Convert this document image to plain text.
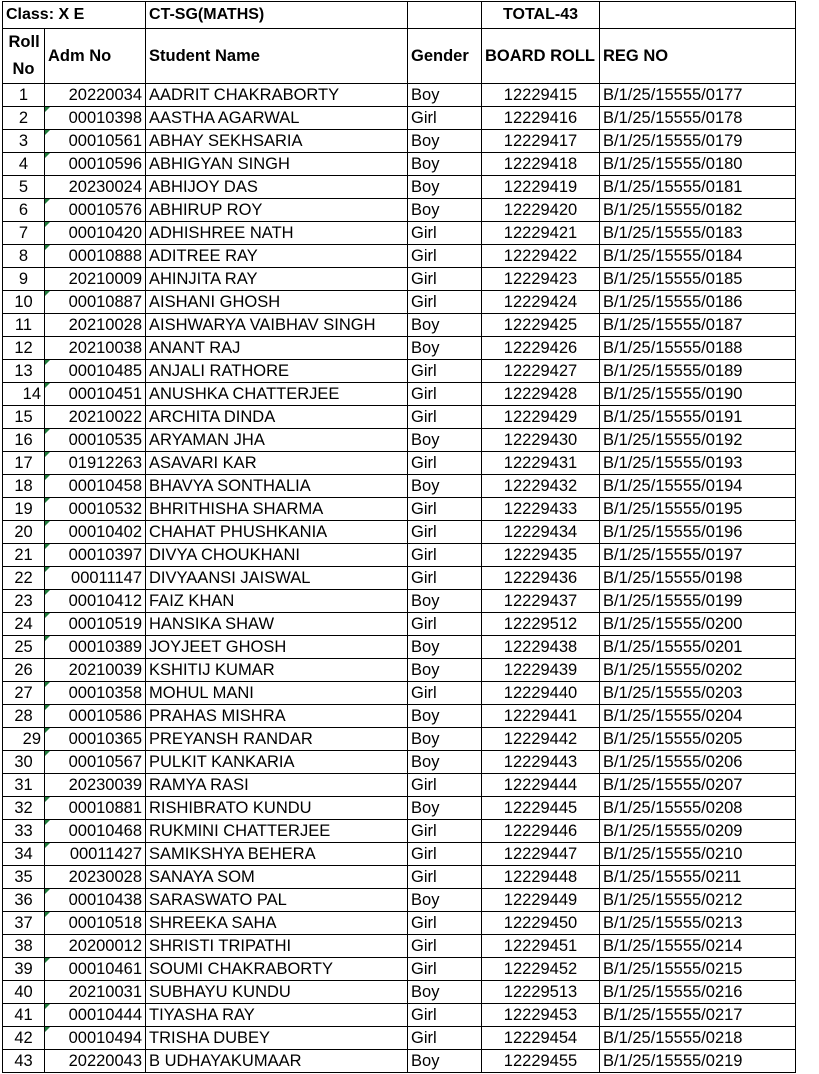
Class: X E		CT-SG(MATHS)		TOTAL-43	
Roll No	Adm No	Student Name	Gender	BOARD ROLL	REG NO
1	20220034	AADRIT CHAKRABORTY	Boy	12229415	B/1/25/15555/0177
2	00010398	AASTHA AGARWAL	Girl	12229416	B/1/25/15555/0178
3	00010561	ABHAY SEKHSARIA	Boy	12229417	B/1/25/15555/0179
4	00010596	ABHIGYAN SINGH	Boy	12229418	B/1/25/15555/0180
5	20230024	ABHIJOY DAS	Boy	12229419	B/1/25/15555/0181
6	00010576	ABHIRUP ROY	Boy	12229420	B/1/25/15555/0182
7	00010420	ADHISHREE NATH	Girl	12229421	B/1/25/15555/0183
8	00010888	ADITREE RAY	Girl	12229422	B/1/25/15555/0184
9	20210009	AHINJITA RAY	Girl	12229423	B/1/25/15555/0185
10	00010887	AISHANI GHOSH	Girl	12229424	B/1/25/15555/0186
11	20210028	AISHWARYA VAIBHAV SINGH	Boy	12229425	B/1/25/15555/0187
12	20210038	ANANT RAJ	Boy	12229426	B/1/25/15555/0188
13	00010485	ANJALI RATHORE	Girl	12229427	B/1/25/15555/0189
14	00010451	ANUSHKA CHATTERJEE	Girl	12229428	B/1/25/15555/0190
15	20210022	ARCHITA DINDA	Girl	12229429	B/1/25/15555/0191
16	00010535	ARYAMAN JHA	Boy	12229430	B/1/25/15555/0192
17	01912263	ASAVARI KAR	Girl	12229431	B/1/25/15555/0193
18	00010458	BHAVYA SONTHALIA	Boy	12229432	B/1/25/15555/0194
19	00010532	BHRITHISHA SHARMA	Girl	12229433	B/1/25/15555/0195
20	00010402	CHAHAT PHUSHKANIA	Girl	12229434	B/1/25/15555/0196
21	00010397	DIVYA CHOUKHANI	Girl	12229435	B/1/25/15555/0197
22	00011147	DIVYAANSI JAISWAL	Girl	12229436	B/1/25/15555/0198
23	00010412	FAIZ KHAN	Boy	12229437	B/1/25/15555/0199
24	00010519	HANSIKA SHAW	Girl	12229512	B/1/25/15555/0200
25	00010389	JOYJEET GHOSH	Boy	12229438	B/1/25/15555/0201
26	20210039	KSHITIJ KUMAR	Boy	12229439	B/1/25/15555/0202
27	00010358	MOHUL MANI	Girl	12229440	B/1/25/15555/0203
28	00010586	PRAHAS MISHRA	Boy	12229441	B/1/25/15555/0204
29	00010365	PREYANSH RANDAR	Boy	12229442	B/1/25/15555/0205
30	00010567	PULKIT KANKARIA	Boy	12229443	B/1/25/15555/0206
31	20230039	RAMYA RASI	Girl	12229444	B/1/25/15555/0207
32	00010881	RISHIBRATO KUNDU	Boy	12229445	B/1/25/15555/0208
33	00010468	RUKMINI CHATTERJEE	Girl	12229446	B/1/25/15555/0209
34	00011427	SAMIKSHYA BEHERA	Girl	12229447	B/1/25/15555/0210
35	20230028	SANAYA SOM	Girl	12229448	B/1/25/15555/0211
36	00010438	SARASWATO PAL	Boy	12229449	B/1/25/15555/0212
37	00010518	SHREEKA SAHA	Girl	12229450	B/1/25/15555/0213
38	20200012	SHRISTI TRIPATHI	Girl	12229451	B/1/25/15555/0214
39	00010461	SOUMI CHAKRABORTY	Girl	12229452	B/1/25/15555/0215
40	20210031	SUBHAYU KUNDU	Boy	12229513	B/1/25/15555/0216
41	00010444	TIYASHA RAY	Girl	12229453	B/1/25/15555/0217
42	00010494	TRISHA DUBEY	Girl	12229454	B/1/25/15555/0218
43	20220043	B UDHAYAKUMAAR	Boy	12229455	B/1/25/15555/0219
